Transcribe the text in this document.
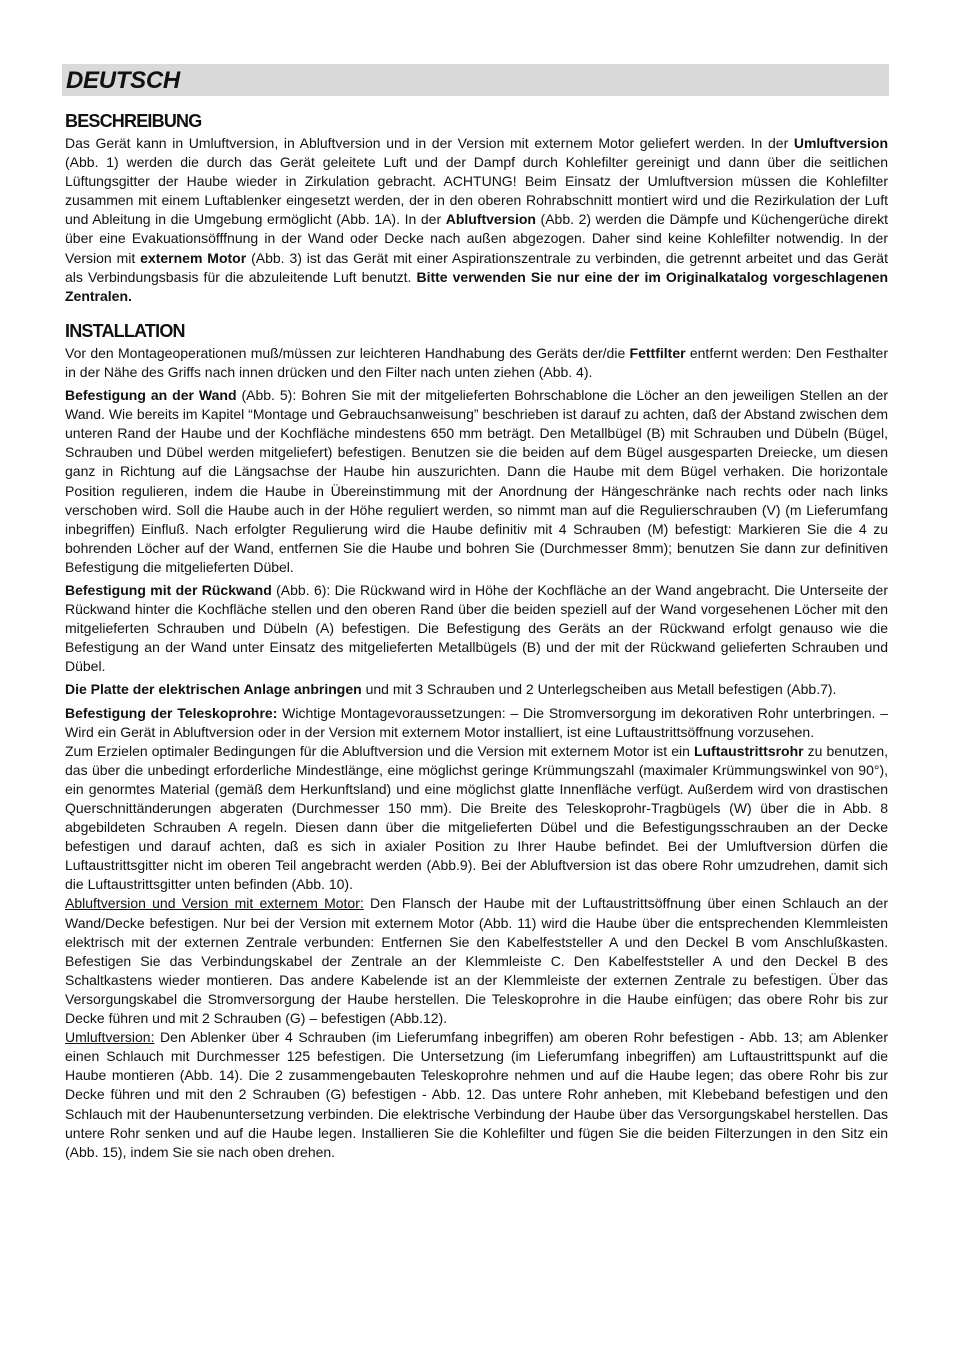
DEUTSCH
BESCHREIBUNG

Das Gerät kann in Umluftversion, in Abluftversion und in der Version mit externem Motor geliefert werden. In der Umluftversion (Abb. 1) werden die durch das Gerät geleitete Luft und der Dampf durch Kohlefilter gereinigt und dann über die seitlichen Lüftungsgitter der Haube wieder in Zirkulation gebracht. ACHTUNG! Beim Einsatz der Umluftversion müssen die Kohlefilter zusammen mit einem Luftablenker eingesetzt werden, der in den oberen Rohrabschnitt montiert wird und die Rezirkulation der Luft und Ableitung in die Umgebung ermöglicht (Abb. 1A). In der Abluftversion (Abb. 2) werden die Dämpfe und Küchengerüche direkt über eine Evakuationsöfffnung in der Wand oder Decke nach außen abgezogen. Daher sind keine Kohlefilter notwendig. In der Version mit externem Motor (Abb. 3) ist das Gerät mit einer Aspirationszentrale zu verbinden, die getrennt arbeitet und das Gerät als Verbindungsbasis für die abzuleitende Luft benutzt. Bitte verwenden Sie nur eine der im Originalkatalog vorgeschlagenen Zentralen.

INSTALLATION

Vor den Montageoperationen muß/müssen zur leichteren Handhabung des Geräts der/die Fettfilter entfernt werden: Den Festhalter in der Nähe des Griffs nach innen drücken und den Filter nach unten ziehen (Abb. 4).

Befestigung an der Wand (Abb. 5): Bohren Sie mit der mitgelieferten Bohrschablone die Löcher an den jeweiligen Stellen an der Wand. Wie bereits im Kapitel “Montage und Gebrauchsanweisung” beschrieben ist darauf zu achten, daß der Abstand zwischen dem unteren Rand der Haube und der Kochfläche mindestens 650 mm beträgt. Den Metallbügel (B) mit Schrauben und Dübeln (Bügel, Schrauben und Dübel werden mitgeliefert) befestigen. Benutzen sie die beiden auf dem Bügel ausgesparten Dreiecke, um diesen ganz in Richtung auf die Längsachse der Haube hin auszurichten. Dann die Haube mit dem Bügel verhaken. Die horizontale Position regulieren, indem die Haube in Übereinstimmung mit der Anordnung der Hängeschränke nach rechts oder nach links verschoben wird. Soll die Haube auch in der Höhe reguliert werden, so nimmt man auf die Regulierschrauben (V) (m Lieferumfang inbegriffen) Einfluß. Nach erfolgter Regulierung wird die Haube definitiv mit 4 Schrauben (M) befestigt: Markieren Sie die 4 zu bohrenden Löcher auf der Wand, entfernen Sie die Haube und bohren Sie (Durchmesser 8mm); benutzen Sie dann zur definitiven Befestigung die mitgelieferten Dübel.

Befestigung mit der Rückwand (Abb. 6): Die Rückwand wird in Höhe der Kochfläche an der Wand angebracht. Die Unterseite der Rückwand hinter die Kochfläche stellen und den oberen Rand über die beiden speziell auf der Wand vorgesehenen Löcher mit den mitgelieferten Schrauben und Dübeln (A) befestigen. Die Befestigung des Geräts an der Rückwand erfolgt genauso wie die Befestigung an der Wand unter Einsatz des mitgelieferten Metallbügels (B) und der mit der Rückwand gelieferten Schrauben und Dübel.

Die Platte der elektrischen Anlage anbringen und mit 3 Schrauben und 2 Unterlegscheiben aus Metall befestigen (Abb.7).

Befestigung der Teleskoprohre: Wichtige Montagevoraussetzungen: – Die Stromversorgung im dekorativen Rohr unterbringen. – Wird ein Gerät in Abluftversion oder in der Version mit externem Motor installiert, ist eine Luftaustrittsöffnung vorzusehen.

Zum Erzielen optimaler Bedingungen für die Abluftversion und die Version mit externem Motor ist ein Luftaustrittsrohr zu benutzen, das über die unbedingt erforderliche Mindestlänge, eine möglichst geringe Krümmungszahl (maximaler Krümmungswinkel von 90°), ein genormtes Material (gemäß dem Herkunftsland) und eine möglichst glatte Innenfläche verfügt. Außerdem wird von drastischen Querschnittänderungen abgeraten (Durchmesser 150 mm). Die Breite des Teleskoprohr-Tragbügels (W) über die in Abb. 8 abgebildeten Schrauben A regeln. Diesen dann über die mitgelieferten Dübel und die Befestigungsschrauben an der Decke befestigen und darauf achten, daß es sich in axialer Position zu Ihrer Haube befindet. Bei der Umluftversion dürfen die Luftaustrittsgitter nicht im oberen Teil angebracht werden (Abb.9). Bei der Abluftversion ist das obere Rohr umzudrehen, damit sich die Luftaustrittsgitter unten befinden (Abb. 10).

Abluftversion und Version mit externem Motor: Den Flansch der Haube mit der Luftaustrittsöffnung über einen Schlauch an der Wand/Decke befestigen. Nur bei der Version mit externem Motor (Abb. 11) wird die Haube über die entsprechenden Klemmleisten elektrisch mit der externen Zentrale verbunden: Entfernen Sie den Kabelfeststeller A und den Deckel B vom Anschlußkasten. Befestigen Sie das Verbindungskabel der Zentrale an der Klemmleiste C. Den Kabelfeststeller A und den Deckel B des Schaltkastens wieder montieren. Das andere Kabelende ist an der Klemmleiste der externen Zentrale zu befestigen. Über das Versorgungskabel die Stromversorgung der Haube herstellen. Die Teleskoprohre in die Haube einfügen; das obere Rohr bis zur Decke führen und mit 2 Schrauben (G) – befestigen (Abb.12).

Umluftversion: Den Ablenker über 4 Schrauben (im Lieferumfang inbegriffen) am oberen Rohr befestigen - Abb. 13; am Ablenker einen Schlauch mit Durchmesser 125 befestigen. Die Untersetzung (im Lieferumfang inbegriffen) am Luftaustrittspunkt auf die Haube montieren (Abb. 14). Die 2 zusammengebauten Teleskoprohre nehmen und auf die Haube legen; das obere Rohr bis zur Decke führen und mit den 2 Schrauben (G) befestigen - Abb. 12. Das untere Rohr anheben, mit Klebeband befestigen und den Schlauch mit der Haubenuntersetzung verbinden. Die elektrische Verbindung der Haube über das Versorgungskabel herstellen. Das untere Rohr senken und auf die Haube legen. Installieren Sie die Kohlefilter und fügen Sie die beiden Filterzungen in den Sitz ein (Abb. 15), indem Sie sie nach oben drehen.
